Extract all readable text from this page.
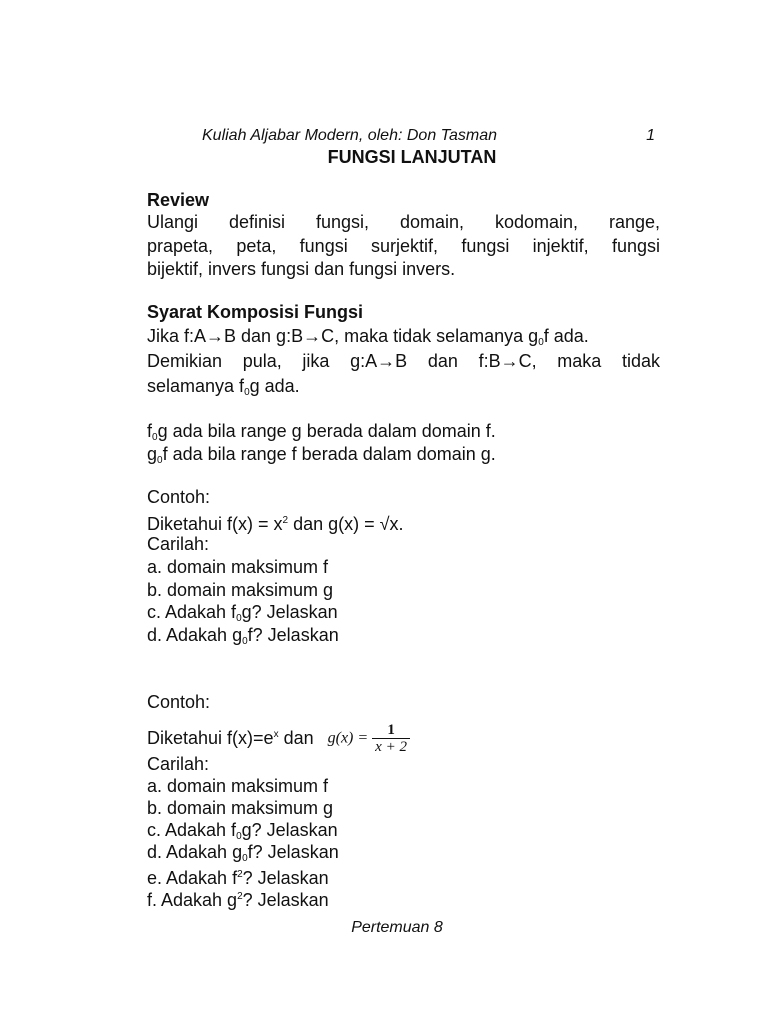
Kuliah Aljabar Modern, oleh: Don Tasman	1
FUNGSI LANJUTAN
Review
Ulangi definisi fungsi, domain, kodomain, range,
prapeta, peta, fungsi surjektif, fungsi injektif, fungsi
bijektif, invers fungsi dan fungsi invers.
Syarat Komposisi Fungsi
Jika f:A→B dan g:B→C, maka tidak selamanya $g_0f$ ada.
Demikian pula, jika g:A→B dan f:B→C, maka tidak
selamanya $f_0g$ ada.
$f_0g$ ada bila range g berada dalam domain f.
$g_0f$ ada bila range f berada dalam domain g.
Contoh:
Diketahui $f(x) = x^2$ dan g(x) = √x.
Carilah:
a. domain maksimum f
b. domain maksimum g
c. Adakah $f_0g$? Jelaskan
d. Adakah $g_0f$? Jelaskan
Contoh:
Diketahui $f(x)=e^x$ dan $g(x) = \frac{1}{x + 2}$
Carilah:
a. domain maksimum f
b. domain maksimum g
c. Adakah $f_0g$? Jelaskan
d. Adakah $g_0f$? Jelaskan
e. Adakah $f^2$? Jelaskan
f. Adakah $g^2$? Jelaskan
Pertemuan 8
